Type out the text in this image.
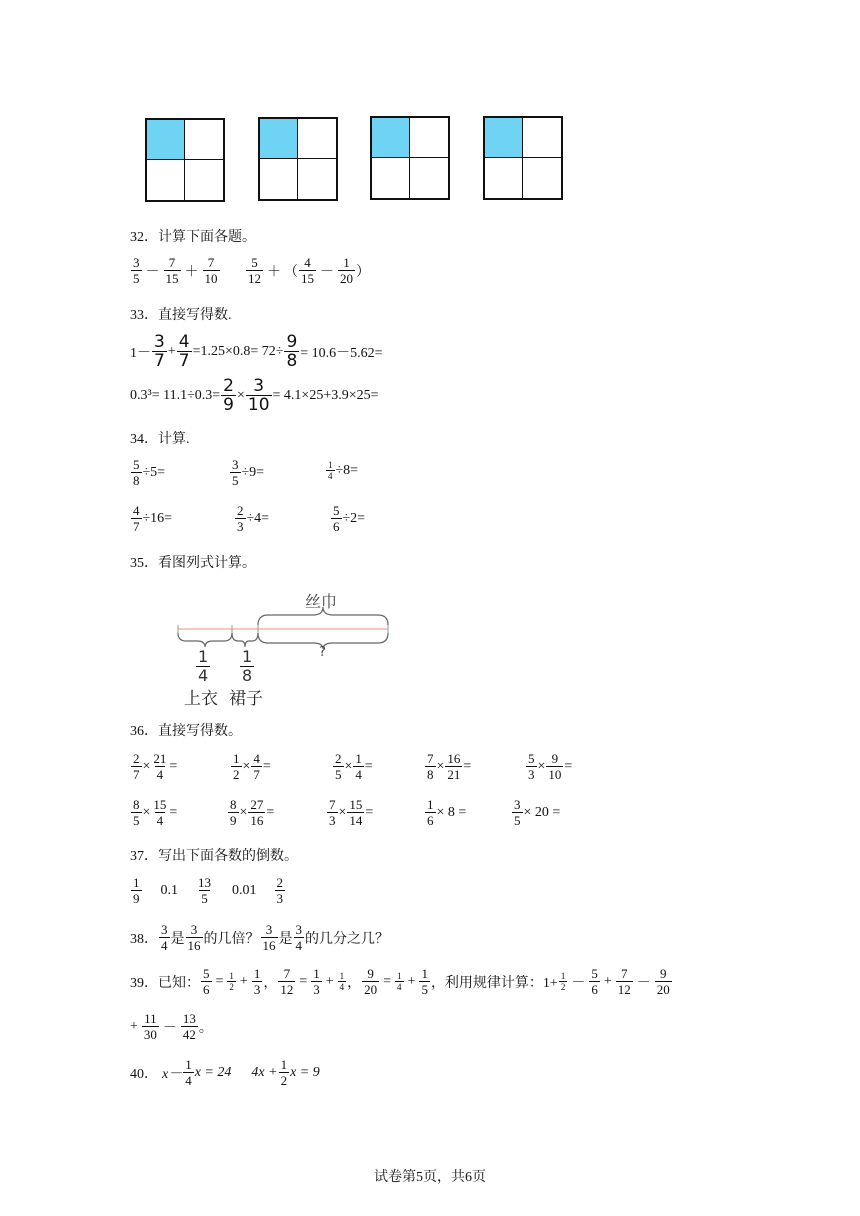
32．计算下面各题。
$\frac{3}{5} - \frac{7}{15} + \frac{7}{10} \frac{5}{12}$ ＋ （ $\frac{4}{15} - \frac{1}{20}$ ）
33．直接写得数.
$1- \frac{3}{7} + \frac{4}{7} = 1.25\times 0.8= 72\div \frac{9}{8} = 10.6-5.62=$
$0.3^3= 11.1\div 0.3= \frac{2}{9} \times \frac{3}{10} = 4.1\times 25+3.9\times 25=$
34．计算.
$\frac{5}{8} \div 5=$	$\frac{3}{5} \div 9=$	$\frac{1}{4} \div 8=$
$\frac{4}{7} \div 16=$	$\frac{2}{3} \div 4=$	$\frac{5}{6} \div 2=$
35．看图列式计算。
丝巾
?
$\frac{1}{4} \frac{1}{8}$
上衣 裙子
36．直接写得数。
$\frac{2}{7} \times \frac{21}{4}$ =	$\frac{1}{2} \times \frac{4}{7}$ =	$\frac{2}{5} \times \frac{1}{4}$ =	$\frac{7}{8} \times \frac{16}{21}$ =	$\frac{5}{3} \times \frac{9}{10}$ =
$\frac{8}{5} \times \frac{15}{4}$ =	$\frac{8}{9} \times \frac{27}{16}$ =	$\frac{7}{3} \times \frac{15}{14}$ =	$\frac{1}{6} \times 8$ =	$\frac{3}{5} \times 20$ =
37．写出下面各数的倒数。
$\frac{1}{9} 0.1 \frac{13}{5} 0.01 \frac{2}{3}$
38． $\frac{3}{4}$ 是 $\frac{3}{16}$ 的几倍？ $\frac{3}{16}$ 是 $\frac{3}{4}$ 的几分之几？
39．已知： $\frac{5}{6} = \frac{1}{2} + \frac{1}{3}$ ， $\frac{7}{12} = \frac{1}{3} + \frac{1}{4}$ ， $\frac{9}{20} = \frac{1}{4} + \frac{1}{5}$ ，利用规律计算：$1+ \frac{1}{2} - \frac{5}{6} + \frac{7}{12} - \frac{9}{20}$
+ $\frac{11}{30} - \frac{13}{42}$ 。
40． $x- \frac{1}{4}$ x = 24 $4x + \frac{1}{2}$ x = 9
试卷第5页，共6页
